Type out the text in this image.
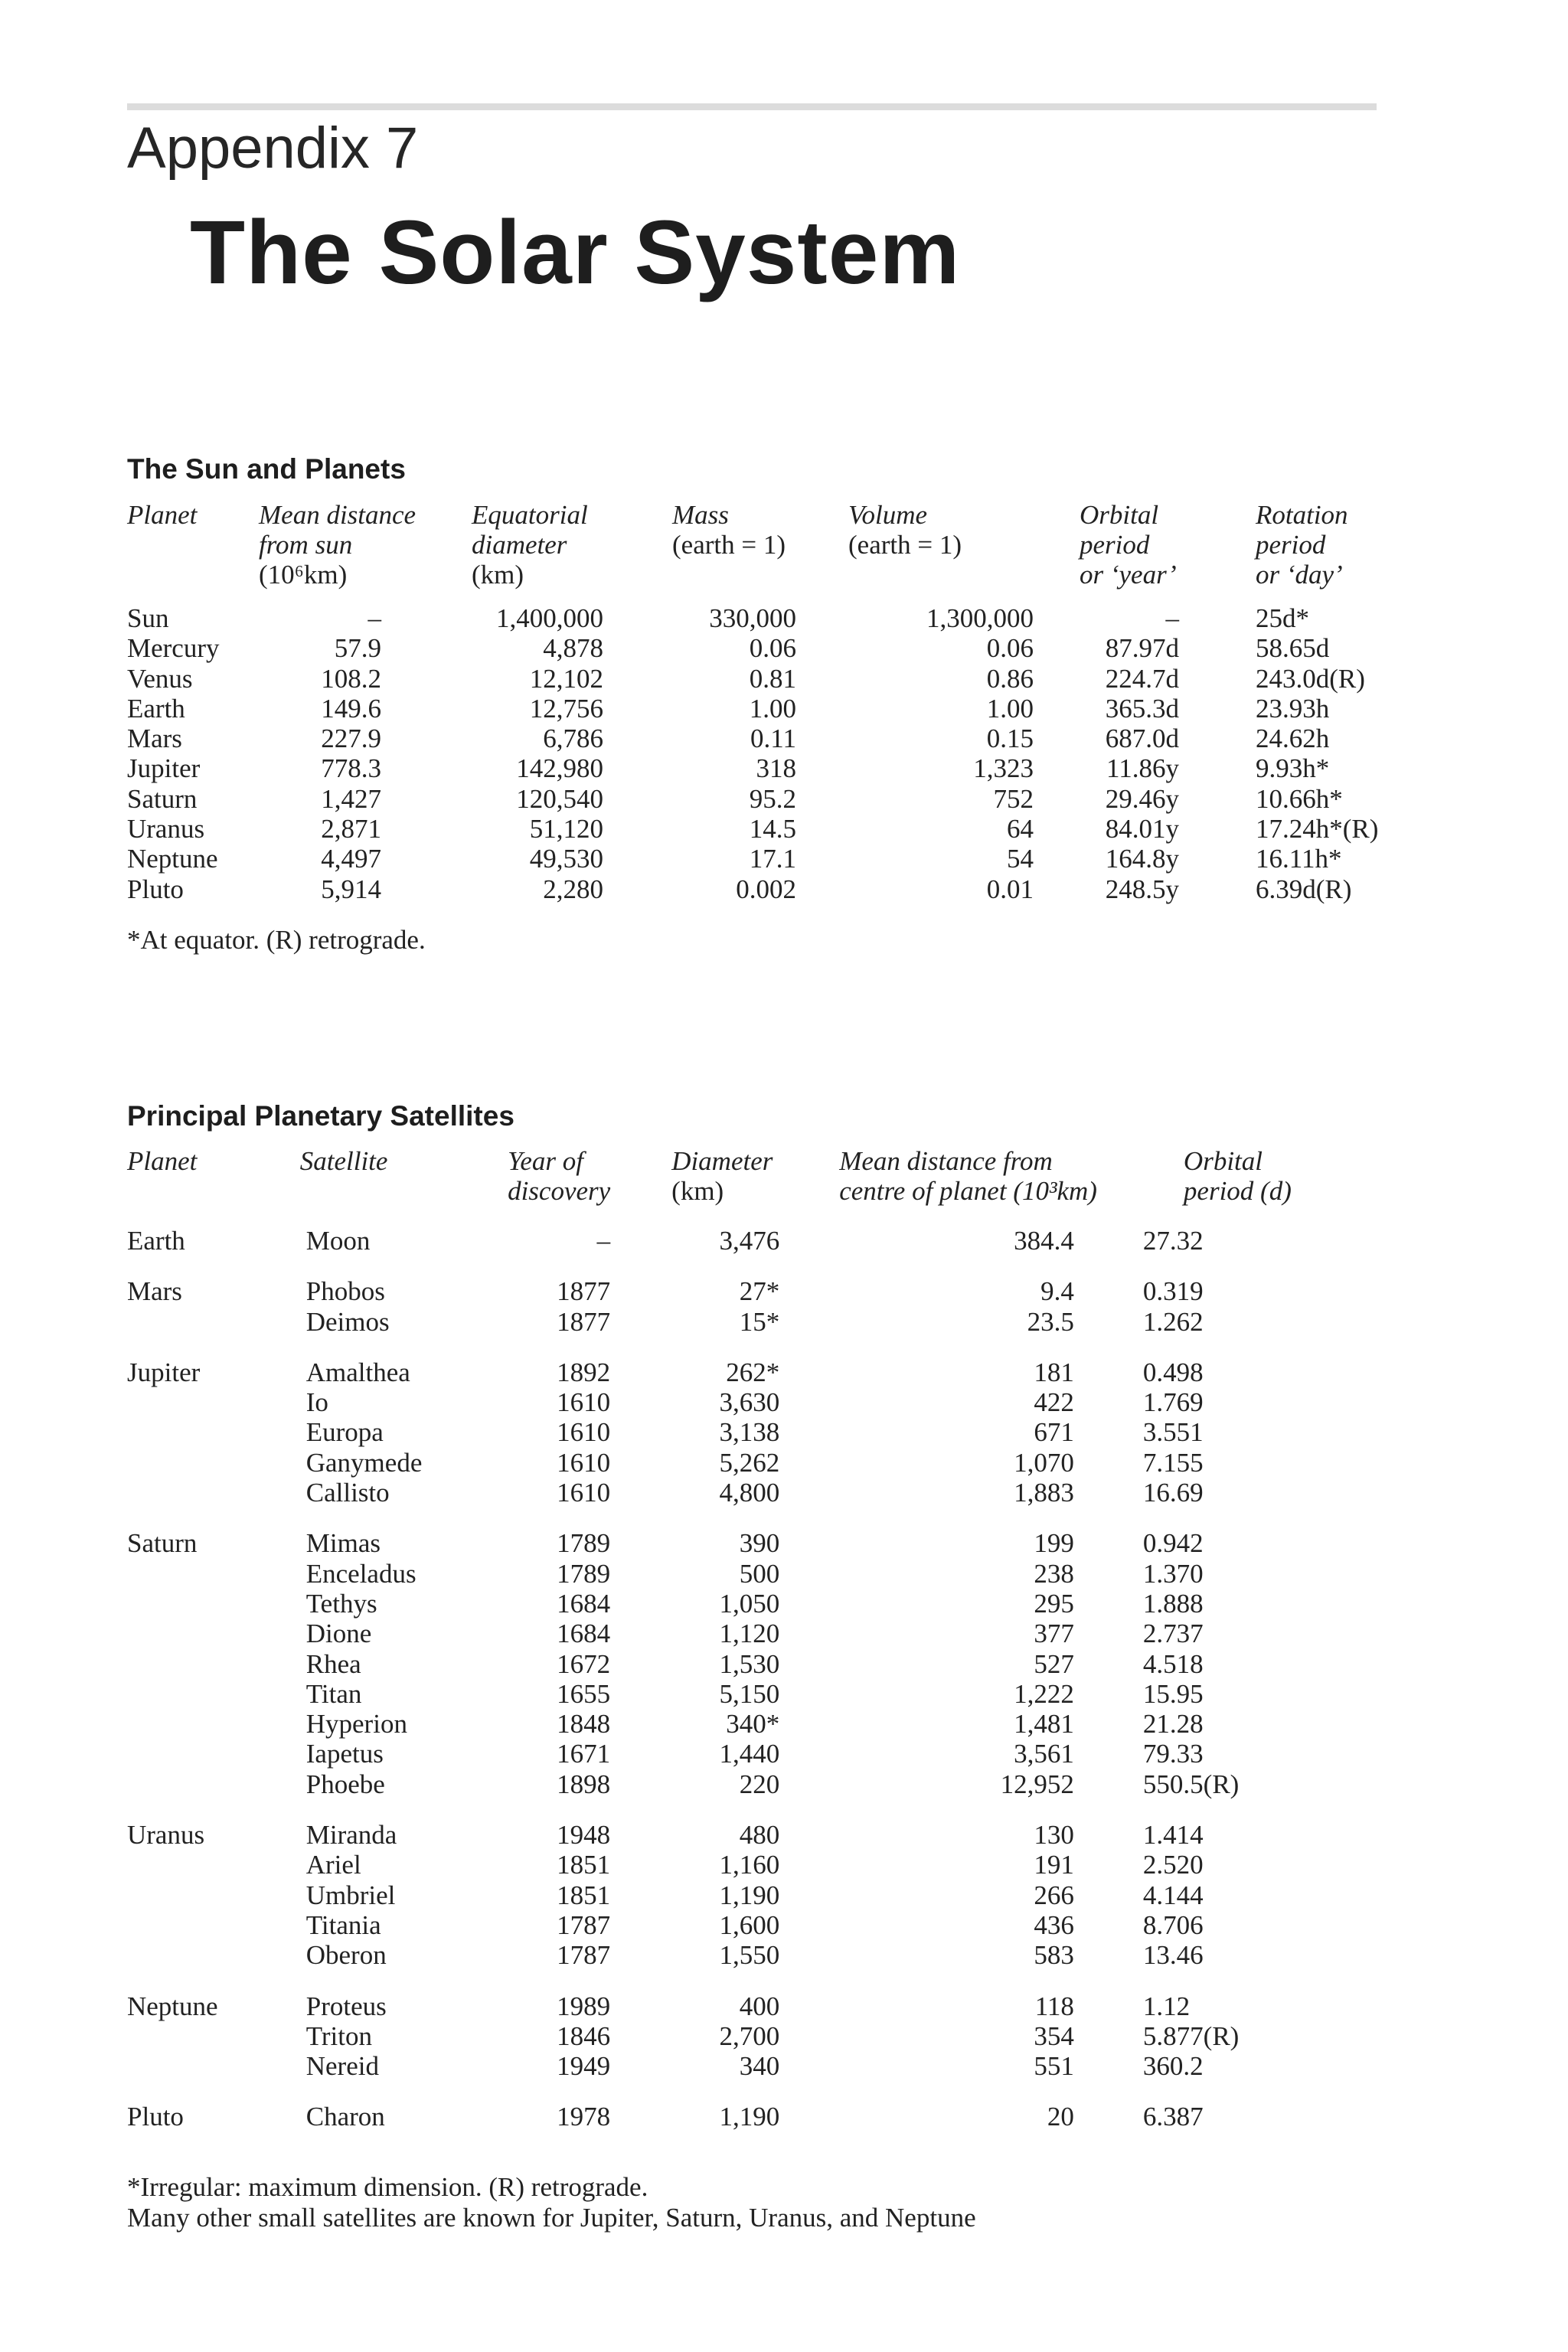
Appendix 7
The Solar System
The Sun and Planets
Planet	Mean distance	Equatorial	Mass	Volume	Orbital	Rotation
	from sun	diameter	(earth = 1)	(earth = 1)	period	period
	(10⁶km)	(km)			or ‘year’	or ‘day’

Sun	–	1,400,000	330,000	1,300,000	–	25d*
Mercury	57.9	4,878	0.06	0.06	87.97d	58.65d
Venus	108.2	12,102	0.81	0.86	224.7d	243.0d(R)
Earth	149.6	12,756	1.00	1.00	365.3d	23.93h
Mars	227.9	6,786	0.11	0.15	687.0d	24.62h
Jupiter	778.3	142,980	318	1,323	11.86y	9.93h*
Saturn	1,427	120,540	95.2	752	29.46y	10.66h*
Uranus	2,871	51,120	14.5	64	84.01y	17.24h*(R)
Neptune	4,497	49,530	17.1	54	164.8y	16.11h*
Pluto	5,914	2,280	0.002	0.01	248.5y	6.39d(R)
*At equator. (R) retrograde.
Principal Planetary Satellites
Planet	Satellite	Year of	Diameter	Mean distance from	Orbital
		discovery	(km)	centre of planet (10³km)	period (d)

Earth	Moon	–	3,476	384.4	27.32

Mars	Phobos	1877	27*	9.4	0.319
	Deimos	1877	15*	23.5	1.262

Jupiter	Amalthea	1892	262*	181	0.498
	Io	1610	3,630	422	1.769
	Europa	1610	3,138	671	3.551
	Ganymede	1610	5,262	1,070	7.155
	Callisto	1610	4,800	1,883	16.69

Saturn	Mimas	1789	390	199	0.942
	Enceladus	1789	500	238	1.370
	Tethys	1684	1,050	295	1.888
	Dione	1684	1,120	377	2.737
	Rhea	1672	1,530	527	4.518
	Titan	1655	5,150	1,222	15.95
	Hyperion	1848	340*	1,481	21.28
	Iapetus	1671	1,440	3,561	79.33
	Phoebe	1898	220	12,952	550.5(R)

Uranus	Miranda	1948	480	130	1.414
	Ariel	1851	1,160	191	2.520
	Umbriel	1851	1,190	266	4.144
	Titania	1787	1,600	436	8.706
	Oberon	1787	1,550	583	13.46

Neptune	Proteus	1989	400	118	1.12
	Triton	1846	2,700	354	5.877(R)
	Nereid	1949	340	551	360.2

Pluto	Charon	1978	1,190	20	6.387
*Irregular: maximum dimension. (R) retrograde.
Many other small satellites are known for Jupiter, Saturn, Uranus, and Neptune
